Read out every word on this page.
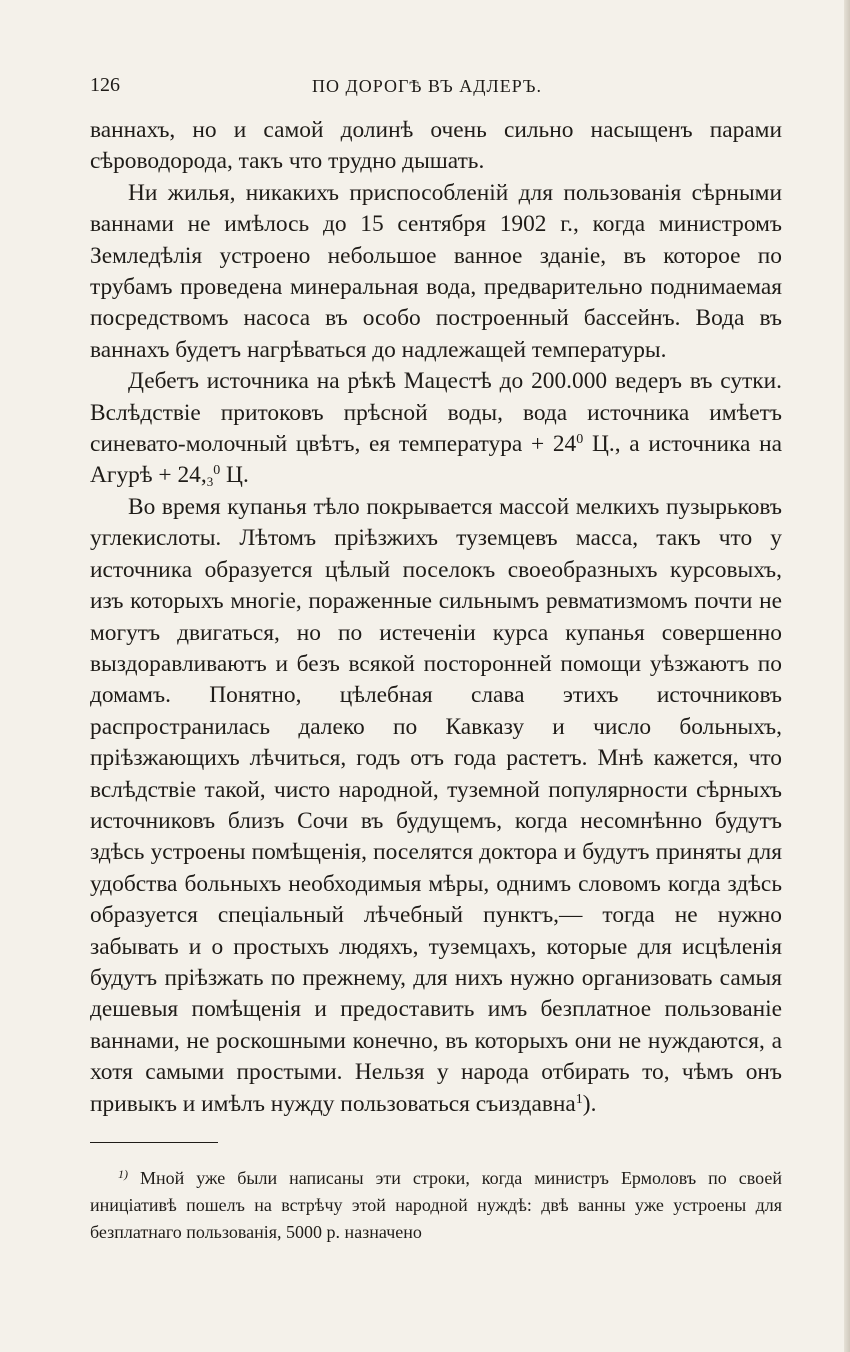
126	ПО ДОРОГѢ ВЪ АДЛЕРЪ.

ваннахъ, но и самой долинѣ очень сильно насыщенъ парами сѣроводорода, такъ что трудно дышать.

Ни жилья, никакихъ приспособленій для пользованія сѣрными ваннами не имѣлось до 15 сентября 1902 г., когда министромъ Земледѣлія устроено небольшое ванное зданіе, въ которое по трубамъ проведена минеральная вода, предварительно поднимаемая посредствомъ насоса въ особо построенный бассейнъ. Вода въ ваннахъ будетъ нагрѣваться до надлежащей температуры.

Дебетъ источника на рѣкѣ Мацестѣ до 200.000 ведеръ въ сутки. Вслѣдствіе притоковъ прѣсной воды, вода источника имѣетъ синевато-молочный цвѣтъ, ея температура + $24^0$ Ц., а источника на Агурѣ + $24,_3^0$ Ц.

Во время купанья тѣло покрывается массой мелкихъ пузырьковъ углекислоты. Лѣтомъ пріѣзжихъ туземцевъ масса, такъ что у источника образуется цѣлый поселокъ своеобразныхъ курсовыхъ, изъ которыхъ многіе, пораженные сильнымъ ревматизмомъ почти не могутъ двигаться, но по истеченіи курса купанья совершенно выздоравливаютъ и безъ всякой посторонней помощи уѣзжаютъ по домамъ. Понятно, цѣлебная слава этихъ источниковъ распространилась далеко по Кавказу и число больныхъ, пріѣзжающихъ лѣчиться, годъ отъ года растетъ. Мнѣ кажется, что вслѣдствіе такой, чисто народной, туземной популярности сѣрныхъ источниковъ близъ Сочи въ будущемъ, когда несомнѣнно будутъ здѣсь устроены помѣщенія, поселятся доктора и будутъ приняты для удобства больныхъ необходимыя мѣры, однимъ словомъ когда здѣсь образуется спеціальный лѣчебный пунктъ,— тогда не нужно забывать и о простыхъ людяхъ, туземцахъ, которые для исцѣленія будутъ пріѣзжать по прежнему, для нихъ нужно организовать самыя дешевыя помѣщенія и предоставить имъ безплатное пользованіе ваннами, не роскошными конечно, въ которыхъ они не нуждаются, а хотя самыми простыми. Нельзя у народа отбирать то, чѣмъ онъ привыкъ и имѣлъ нужду пользоваться съиздавна$^1$).

$^{1)}$ Мной уже были написаны эти строки, когда министръ Ермоловъ по своей иниціативѣ пошелъ на встрѣчу этой народной нуждѣ: двѣ ванны уже устроены для безплатнаго пользованія, 5000 р. назначено
